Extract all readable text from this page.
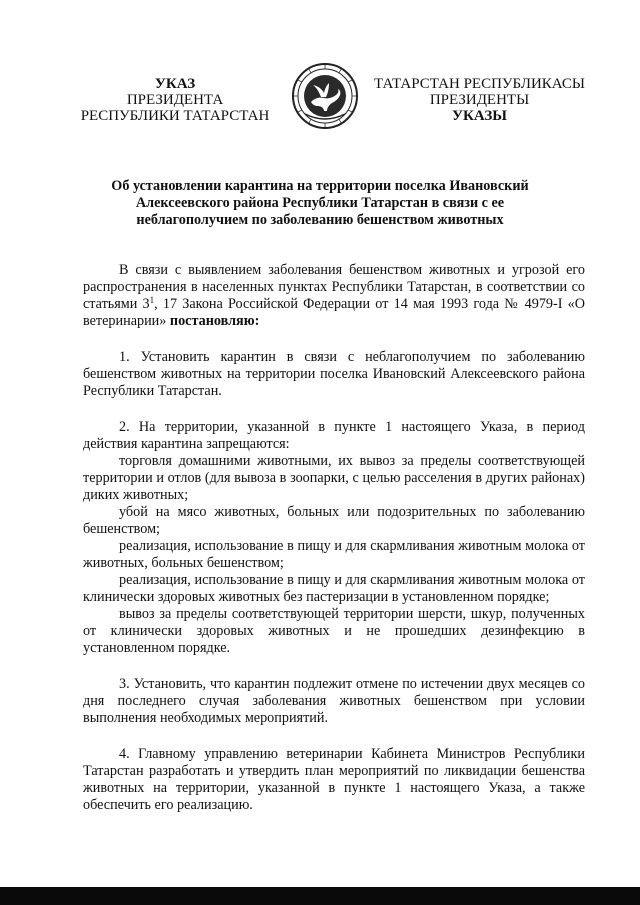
УКАЗ
ПРЕЗИДЕНТА
РЕСПУБЛИКИ ТАТАРСТАН
ТАТАРСТАН РЕСПУБЛИКАСЫ
ПРЕЗИДЕНТЫ
УКАЗЫ
Об установлении карантина на территории поселка Ивановский
Алексеевского района Республики Татарстан в связи с ее
неблагополучием по заболеванию бешенством животных

В связи с выявлением заболевания бешенством животных и угрозой его распространения в населенных пунктах Республики Татарстан, в соответствии со статьями $3^1$, 17 Закона Российской Федерации от 14 мая 1993 года № 4979-I «О ветеринарии» постановляю:

1. Установить карантин в связи с неблагополучием по заболеванию бешенством животных на территории поселка Ивановский Алексеевского района Республики Татарстан.

2. На территории, указанной в пункте 1 настоящего Указа, в период действия карантина запрещаются:

торговля домашними животными, их вывоз за пределы соответствующей территории и отлов (для вывоза в зоопарки, с целью расселения в других районах) диких животных;

убой на мясо животных, больных или подозрительных по заболеванию бешенством;

реализация, использование в пищу и для скармливания животным молока от животных, больных бешенством;

реализация, использование в пищу и для скармливания животным молока от клинически здоровых животных без пастеризации в установленном порядке;

вывоз за пределы соответствующей территории шерсти, шкур, полученных от клинически здоровых животных и не прошедших дезинфекцию в установленном порядке.

3. Установить, что карантин подлежит отмене по истечении двух месяцев со дня последнего случая заболевания животных бешенством при условии выполнения необходимых мероприятий.

4. Главному управлению ветеринарии Кабинета Министров Республики Татарстан разработать и утвердить план мероприятий по ликвидации бешенства животных на территории, указанной в пункте 1 настоящего Указа, а также обеспечить его реализацию.
